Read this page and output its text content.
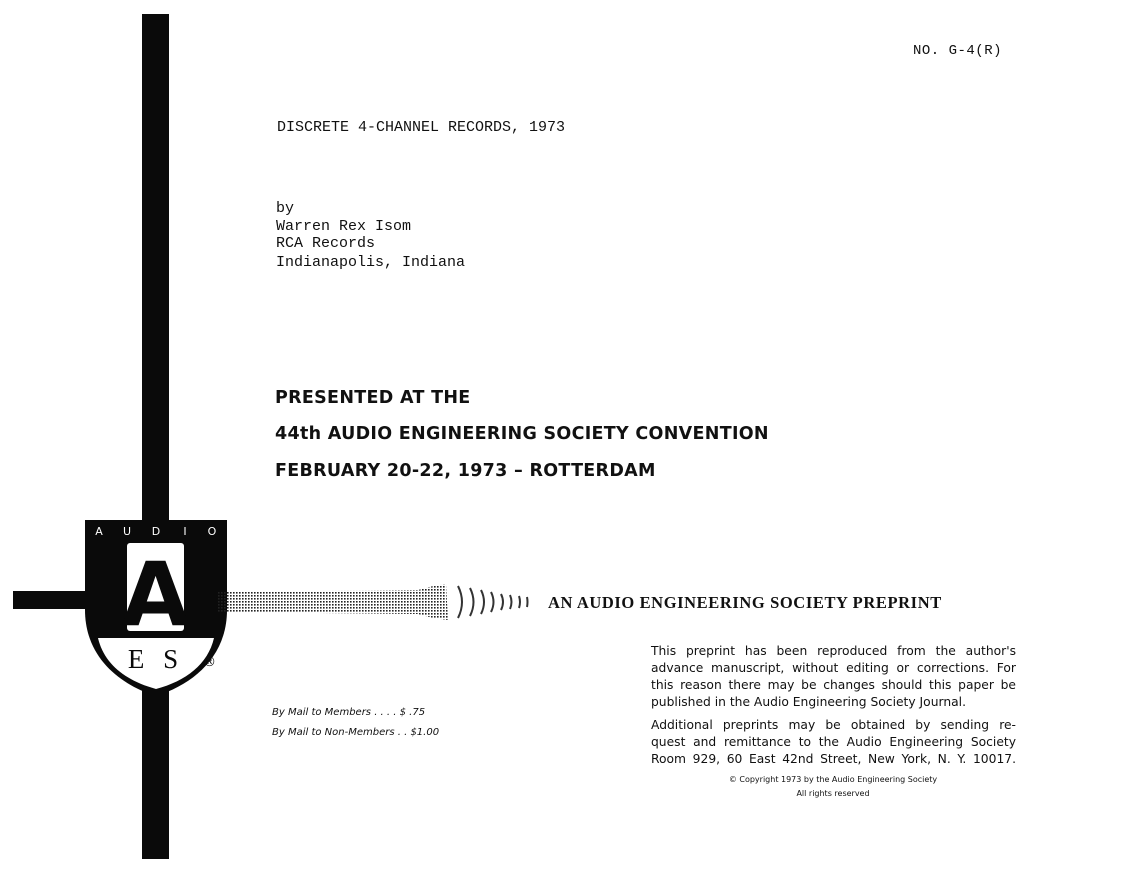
A U D I O
A
E S ®
NO. G-4(R)
DISCRETE 4-CHANNEL RECORDS, 1973
by
Warren Rex Isom
RCA Records
Indianapolis, Indiana
PRESENTED AT THE
44th AUDIO ENGINEERING SOCIETY CONVENTION
FEBRUARY 20-22, 1973 – ROTTERDAM
AN AUDIO ENGINEERING SOCIETY PREPRINT
This preprint has been reproduced from the author's
advance manuscript, without editing or corrections. For
this reason there may be changes should this paper be
published in the Audio Engineering Society Journal.
Additional preprints may be obtained by sending re-
quest and remittance to the Audio Engineering Society
Room 929, 60 East 42nd Street, New York, N. Y. 10017.
By Mail to Members . . . . $ .75
By Mail to Non-Members . . $1.00
© Copyright 1973 by the Audio Engineering Society
All rights reserved
